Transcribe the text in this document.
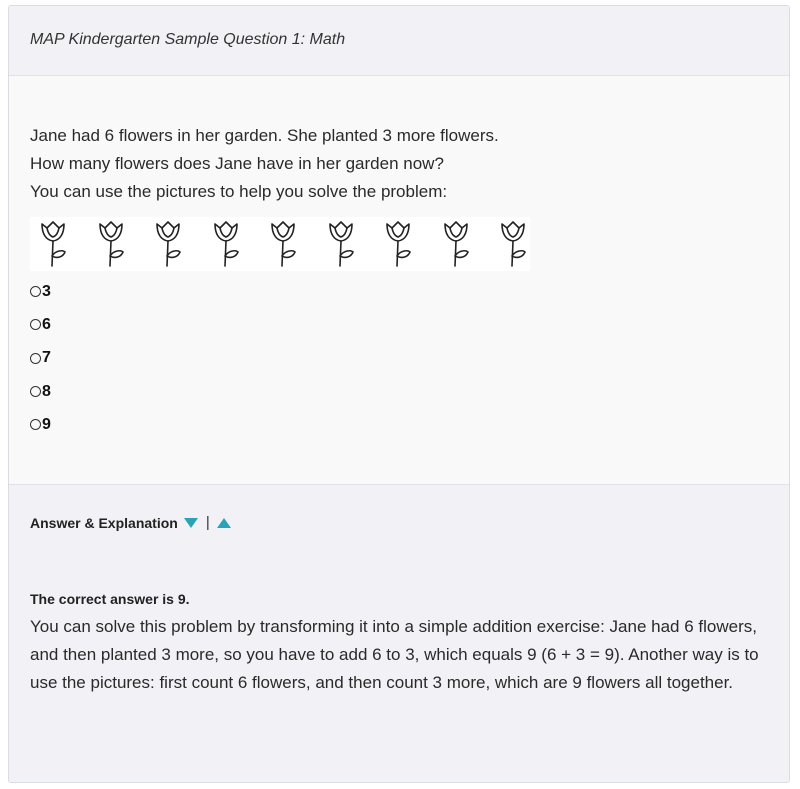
MAP Kindergarten Sample Question 1: Math

Jane had 6 flowers in her garden. She planted 3 more flowers.

How many flowers does Jane have in her garden now?

You can use the pictures to help you solve the problem:

3
6
7
8
9
Answer & Explanation |
The correct answer is 9.

You can solve this problem by transforming it into a simple addition exercise: Jane had 6 flowers, and then planted 3 more, so you have to add 6 to 3, which equals 9 (6 + 3 = 9). Another way is to use the pictures: first count 6 flowers, and then count 3 more, which are 9 flowers all together.
